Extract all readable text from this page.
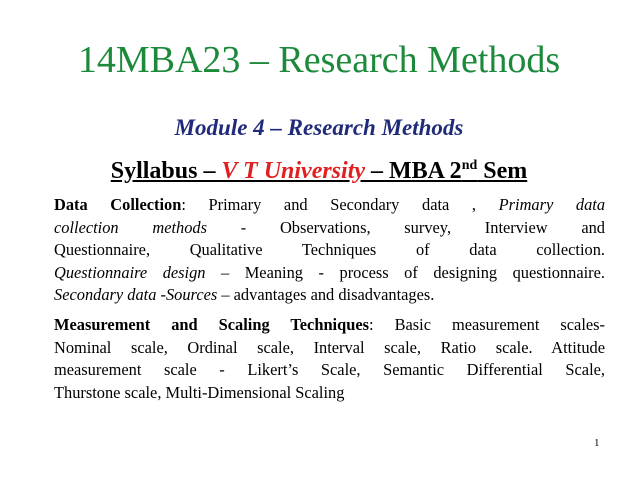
14MBA23 – Research Methods
Module 4 – Research Methods
Syllabus – V T University – MBA 2nd Sem
Data Collection: Primary and Secondary data , Primary data
collection methods - Observations, survey, Interview and
Questionnaire, Qualitative Techniques of data collection.
Questionnaire design – Meaning - process of designing questionnaire.
Secondary data -Sources – advantages and disadvantages.
Measurement and Scaling Techniques: Basic measurement scales-
Nominal scale, Ordinal scale, Interval scale, Ratio scale. Attitude
measurement scale - Likert’s Scale, Semantic Differential Scale,
Thurstone scale, Multi-Dimensional Scaling
1
